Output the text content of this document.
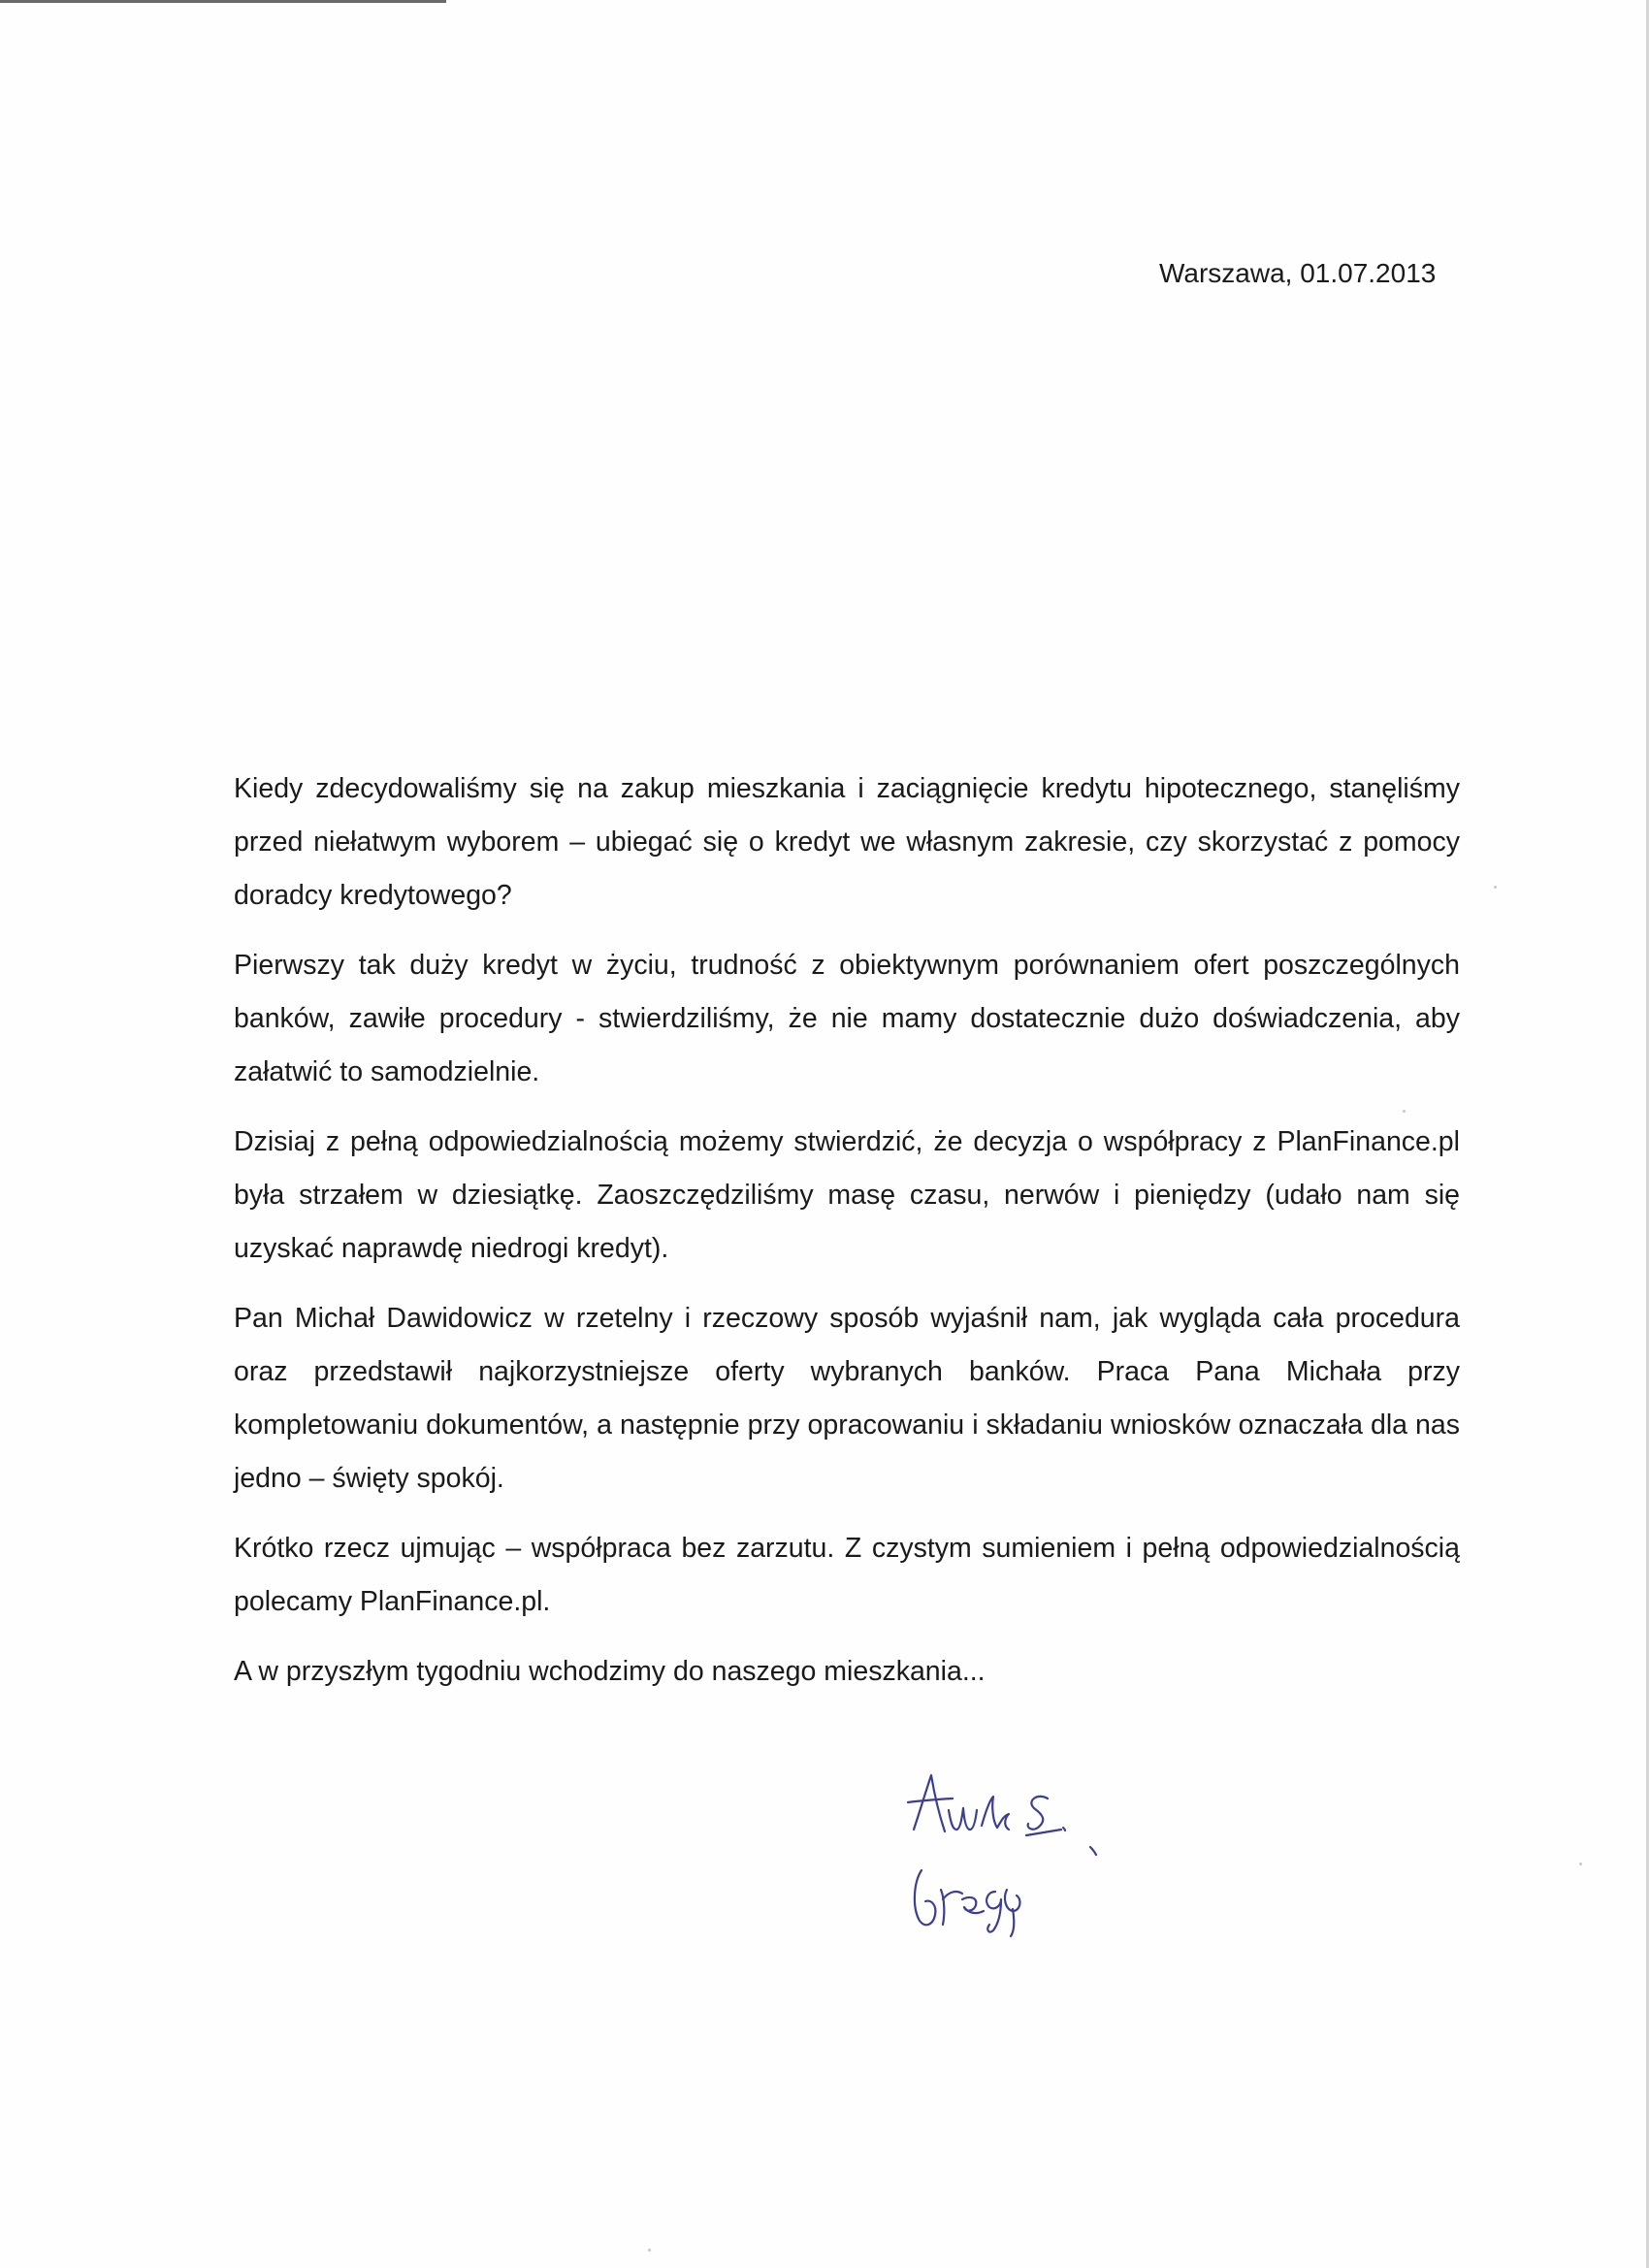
Warszawa, 01.07.2013

Kiedy zdecydowaliśmy się na zakup mieszkania i zaciągnięcie kredytu hipotecznego, stanęliśmy przed niełatwym wyborem – ubiegać się o kredyt we własnym zakresie, czy skorzystać z pomocy doradcy kredytowego?

Pierwszy tak duży kredyt w życiu, trudność z obiektywnym porównaniem ofert poszczególnych banków, zawiłe procedury - stwierdziliśmy, że nie mamy dostatecznie dużo doświadczenia, aby załatwić to samodzielnie.

Dzisiaj z pełną odpowiedzialnością możemy stwierdzić, że decyzja o współpracy z PlanFinance.pl była strzałem w dziesiątkę. Zaoszczędziliśmy masę czasu, nerwów i pieniędzy (udało nam się uzyskać naprawdę niedrogi kredyt).

Pan Michał Dawidowicz w rzetelny i rzeczowy sposób wyjaśnił nam, jak wygląda cała procedura oraz przedstawił najkorzystniejsze oferty wybranych banków. Praca Pana Michała przy kompletowaniu dokumentów, a następnie przy opracowaniu i składaniu wniosków oznaczała dla nas jedno – święty spokój.

Krótko rzecz ujmując – współpraca bez zarzutu. Z czystym sumieniem i pełną odpowiedzialnością polecamy PlanFinance.pl.

A w przyszłym tygodniu wchodzimy do naszego mieszkania...
